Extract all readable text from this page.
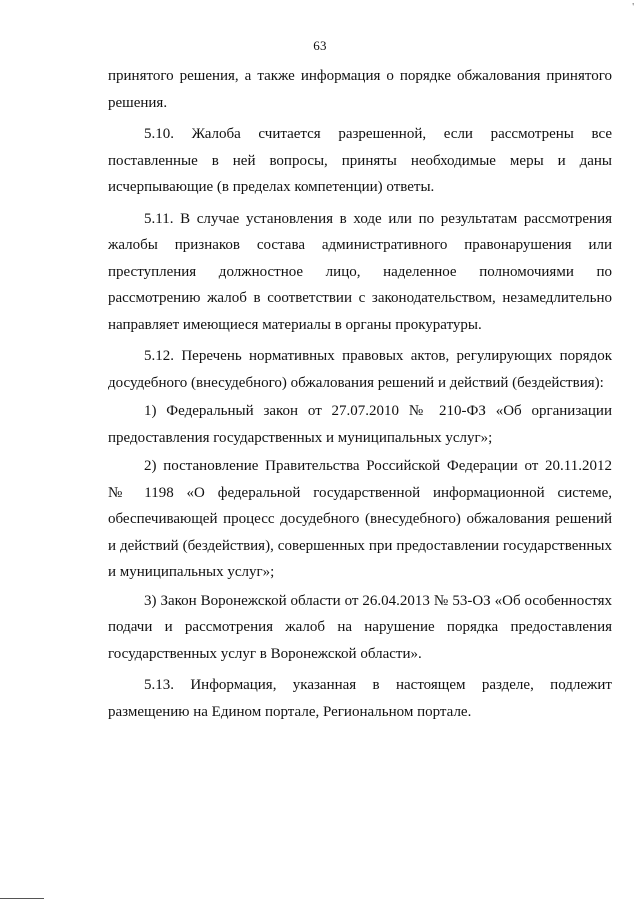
'
63

принятого решения, а также информация о порядке обжалования принятого решения.

5.10. Жалоба считается разрешенной, если рассмотрены все поставленные в ней вопросы, приняты необходимые меры и даны исчерпывающие (в пределах компетенции) ответы.

5.11. В случае установления в ходе или по результатам рассмотрения жалобы признаков состава административного правонарушения или преступления должностное лицо, наделенное полномочиями по рассмотрению жалоб в соответствии с законодательством, незамедлительно направляет имеющиеся материалы в органы прокуратуры.

5.12. Перечень нормативных правовых актов, регулирующих порядок досудебного (внесудебного) обжалования решений и действий (бездействия):

1) Федеральный закон от 27.07.2010 № 210-ФЗ «Об организации предоставления государственных и муниципальных услуг»;

2) постановление Правительства Российской Федерации от 20.11.2012 № 1198 «О федеральной государственной информационной системе, обеспечивающей процесс досудебного (внесудебного) обжалования решений и действий (бездействия), совершенных при предоставлении государственных и муниципальных услуг»;

3) Закон Воронежской области от 26.04.2013 № 53-ОЗ «Об особенностях подачи и рассмотрения жалоб на нарушение порядка предоставления государственных услуг в Воронежской области».

5.13. Информация, указанная в настоящем разделе, подлежит размещению на Едином портале, Региональном портале.
